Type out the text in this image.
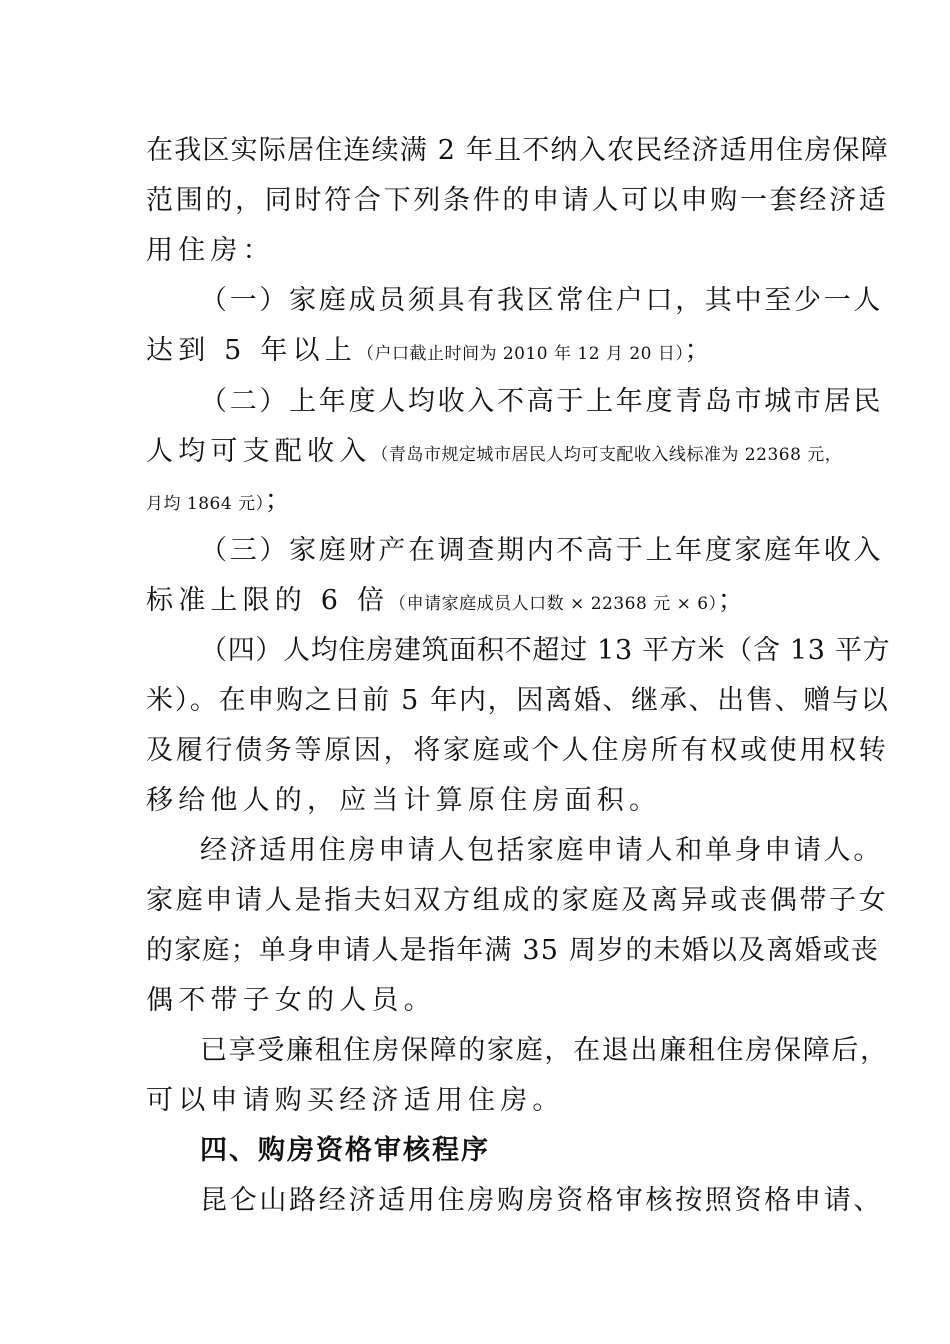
在我区实际居住连续满 2 年且不纳入农民经济适用住房保障
范围的，同时符合下列条件的申请人可以申购一套经济适
用住房：
（一）家庭成员须具有我区常住户口，其中至少一人
达到 5 年以上（户口截止时间为 2010 年 12 月 20 日）；
（二）上年度人均收入不高于上年度青岛市城市居民
人均可支配收入（青岛市规定城市居民人均可支配收入线标准为 22368 元，
月均 1864 元）；
（三）家庭财产在调查期内不高于上年度家庭年收入
标准上限的 6 倍（申请家庭成员人口数 × 22368 元 × 6）；
（四）人均住房建筑面积不超过 13 平方米（含 13 平方
米）。在申购之日前 5 年内，因离婚、继承、出售、赠与以
及履行债务等原因，将家庭或个人住房所有权或使用权转
移给他人的，应当计算原住房面积。
经济适用住房申请人包括家庭申请人和单身申请人。
家庭申请人是指夫妇双方组成的家庭及离异或丧偶带子女
的家庭；单身申请人是指年满 35 周岁的未婚以及离婚或丧
偶不带子女的人员。
已享受廉租住房保障的家庭，在退出廉租住房保障后，
可以申请购买经济适用住房。
四、购房资格审核程序
昆仑山路经济适用住房购房资格审核按照资格申请、
